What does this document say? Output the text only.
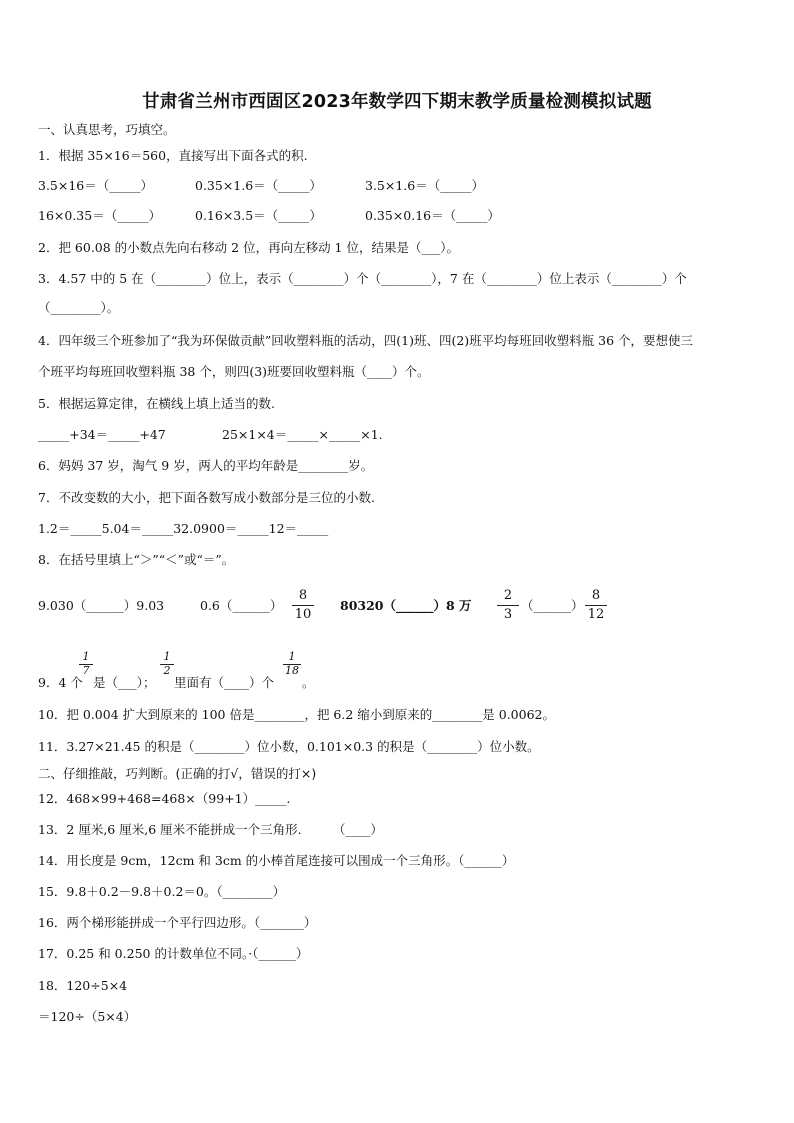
甘肃省兰州市西固区2023年数学四下期末教学质量检测模拟试题
一、认真思考，巧填空。
1．根据 35×16＝560，直接写出下面各式的积.
3.5×16＝（_____）	0.35×1.6＝（_____）	3.5×1.6＝（_____）
16×0.35＝（_____）	0.16×3.5＝（_____）	0.35×0.16＝（_____）
2．把 60.08 的小数点先向右移动 2 位，再向左移动 1 位，结果是（___）。
3．4.57 中的 5 在（________）位上，表示（________）个（________），7 在（________）位上表示（________）个
（________）。
4．四年级三个班参加了“我为环保做贡献”回收塑料瓶的活动，四(1)班、四(2)班平均每班回收塑料瓶 36 个，要想使三
个班平均每班回收塑料瓶 38 个，则四(3)班要回收塑料瓶（____）个。
5．根据运算定律，在横线上填上适当的数.
_____+34＝_____+47	25×1×4＝_____×_____×1.
6．妈妈 37 岁，淘气 9 岁，两人的平均年龄是________岁。
7．不改变数的大小，把下面各数写成小数部分是三位的小数.
1.2＝_____5.04＝_____32.0900＝_____12＝_____
8．在括号里填上“＞”“＜”或“＝”。
9.030（______）9.03	0.6（______）
8
10
80320（______）8 万
2
3
（______）
8
12
9．4 个
1
7
是（___）；
1
2
里面有（____）个
1
18
。
10．把 0.004 扩大到原来的 100 倍是________，把 6.2 缩小到原来的________是 0.0062。
11．3.27×21.45 的积是（________）位小数，0.101×0.3 的积是（________）位小数。
二、仔细推敲，巧判断。(正确的打√，错误的打×)
12．468×99+468=468×（99+1）_____.
13．2 厘米,6 厘米,6 厘米不能拼成一个三角形.　　　（____）
14．用长度是 9cm，12cm 和 3cm 的小棒首尾连接可以围成一个三角形。（______）
15．9.8＋0.2－9.8＋0.2＝0。（________）
16．两个梯形能拼成一个平行四边形。（_______）
17．0.25 和 0.250 的计数单位不同。·（______）
18．120÷5×4
＝120÷（5×4）
